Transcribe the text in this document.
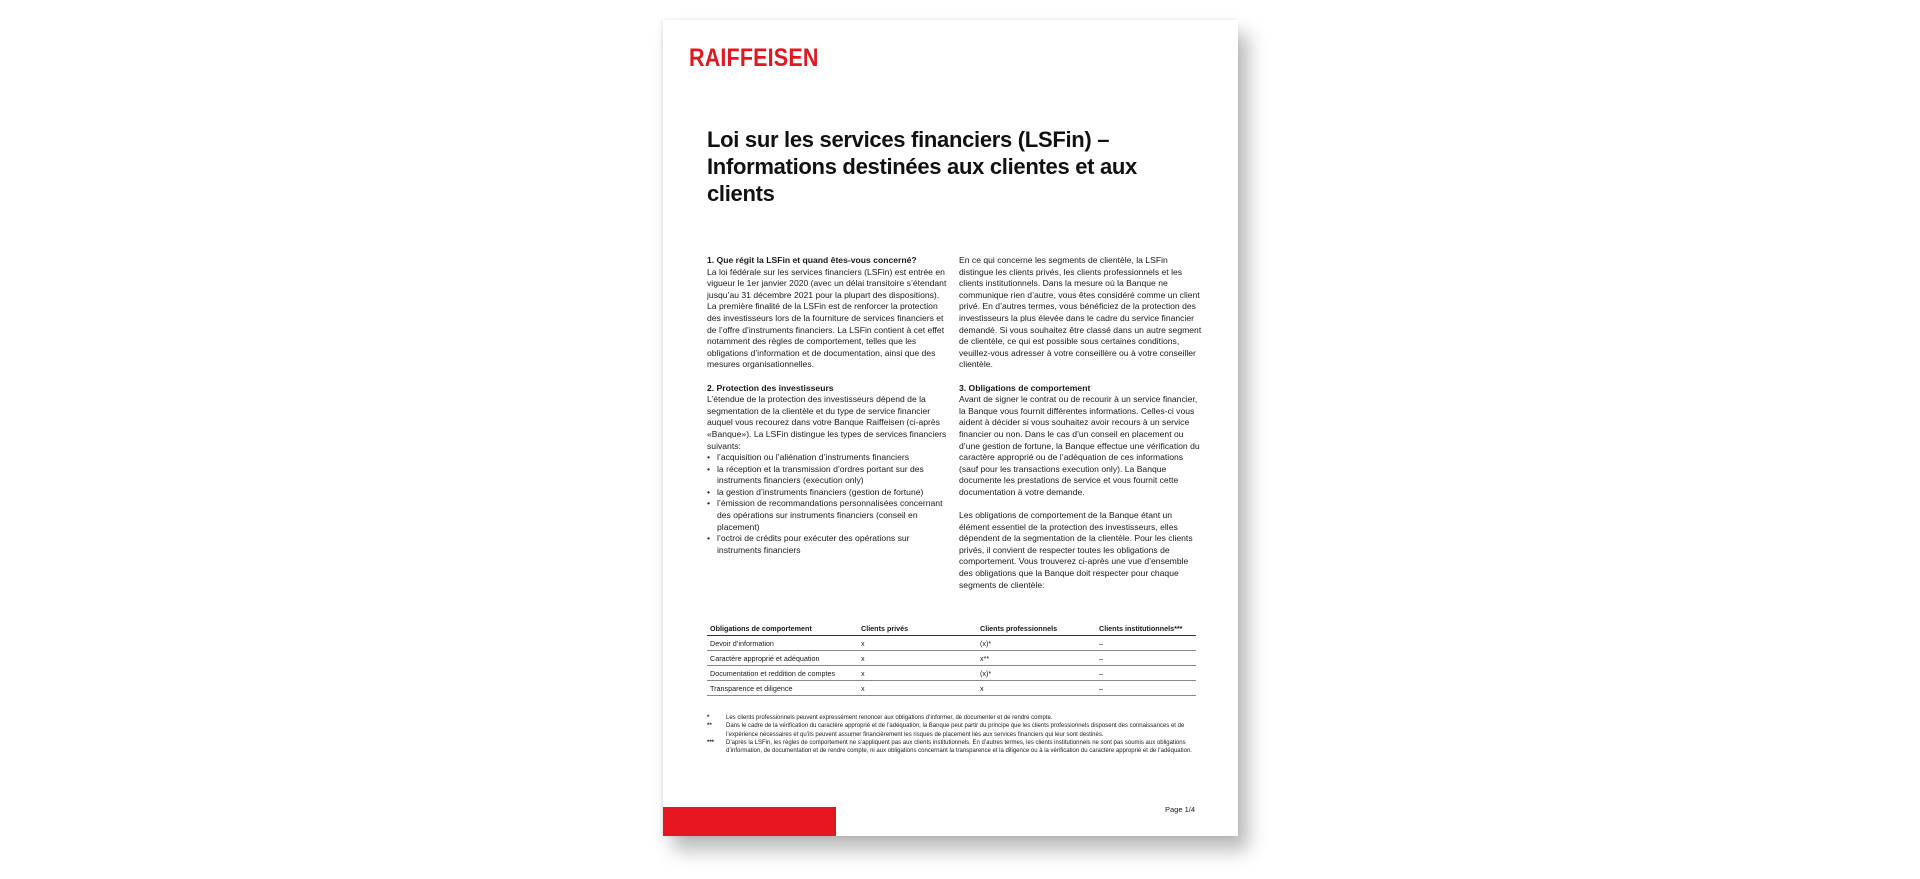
RAIFFEISEN
Loi sur les services financiers (LSFin) – Informations destinées aux clientes et aux clients
1. Que régit la LSFin et quand êtes-vous concerné?

La loi fédérale sur les services financiers (LSFin) est entrée en vigueur le 1er janvier 2020 (avec un délai transitoire s’étendant jusqu’au 31 décembre 2021 pour la plupart des dispositions). La première finalité de la LSFin est de renforcer la protection des investisseurs lors de la fourniture de services financiers et de l’offre d’instruments financiers. La LSFin contient à cet effet notamment des règles de comportement, telles que les obligations d’information et de documentation, ainsi que des mesures organisationnelles.

2. Protection des investisseurs

L’étendue de la protection des investisseurs dépend de la segmentation de la clientèle et du type de service financier auquel vous recourez dans votre Banque Raiffeisen (ci-après «Banque»). La LSFin distingue les types de services financiers suivants:

• l’acquisition ou l’aliénation d’instruments financiers
• la réception et la transmission d’ordres portant sur des instruments financiers (execution only)
• la gestion d’instruments financiers (gestion de fortune)
• l’émission de recommandations personnalisées concernant des opérations sur instruments financiers (conseil en placement)
• l’octroi de crédits pour exécuter des opérations sur instruments financiers

En ce qui concerne les segments de clientèle, la LSFin distingue les clients privés, les clients professionnels et les clients institutionnels. Dans la mesure où la Banque ne communique rien d’autre, vous êtes considéré comme un client privé. En d’autres termes, vous bénéficiez de la protection des investisseurs la plus élevée dans le cadre du service financier demandé. Si vous souhaitez être classé dans un autre segment de clientèle, ce qui est possible sous certaines conditions, veuillez-vous adresser à votre conseillère ou à votre conseiller clientèle.

3. Obligations de comportement

Avant de signer le contrat ou de recourir à un service financier, la Banque vous fournit différentes informations. Celles-ci vous aident à décider si vous souhaitez avoir recours à un service financier ou non. Dans le cas d’un conseil en placement ou d’une gestion de fortune, la Banque effectue une vérification du caractère approprié ou de l’adéquation de ces informations (sauf pour les transactions execution only). La Banque documente les prestations de service et vous fournit cette documentation à votre demande.

Les obligations de comportement de la Banque étant un élément essentiel de la protection des investisseurs, elles dépendent de la segmentation de la clientèle. Pour les clients privés, il convient de respecter toutes les obligations de comportement. Vous trouverez ci-après une vue d’ensemble des obligations que la Banque doit respecter pour chaque segments de clientèle:

Obligations de comportement	Clients privés	Clients professionnels	Clients institutionnels***
Devoir d’information	x	(x)*	–
Caractère approprié et adéquation	x	x**	–
Documentation et reddition de comptes	x	(x)*	–
Transparence et diligence	x	x	–
*	Les clients professionnels peuvent expressément renoncer aux obligations d’informer, de documenter et de rendre compte.
** Dans le cadre de la vérification du caractère approprié et de l’adéquation, la Banque peut partir du principe que les clients professionnels disposent des connaissances et de l’expérience nécessaires et qu’ils peuvent assumer financièrement les risques de placement liés aux services financiers qui leur sont destinés.
*** D’après la LSFin, les règles de comportement ne s’appliquent pas aux clients institutionnels. En d’autres termes, les clients institutionnels ne sont pas soumis aux obligations d’information, de documentation et de rendre compte, ni aux obligations concernant la transparence et la diligence ou à la vérification du caractère approprié et de l’adéquation.
Page 1/4
